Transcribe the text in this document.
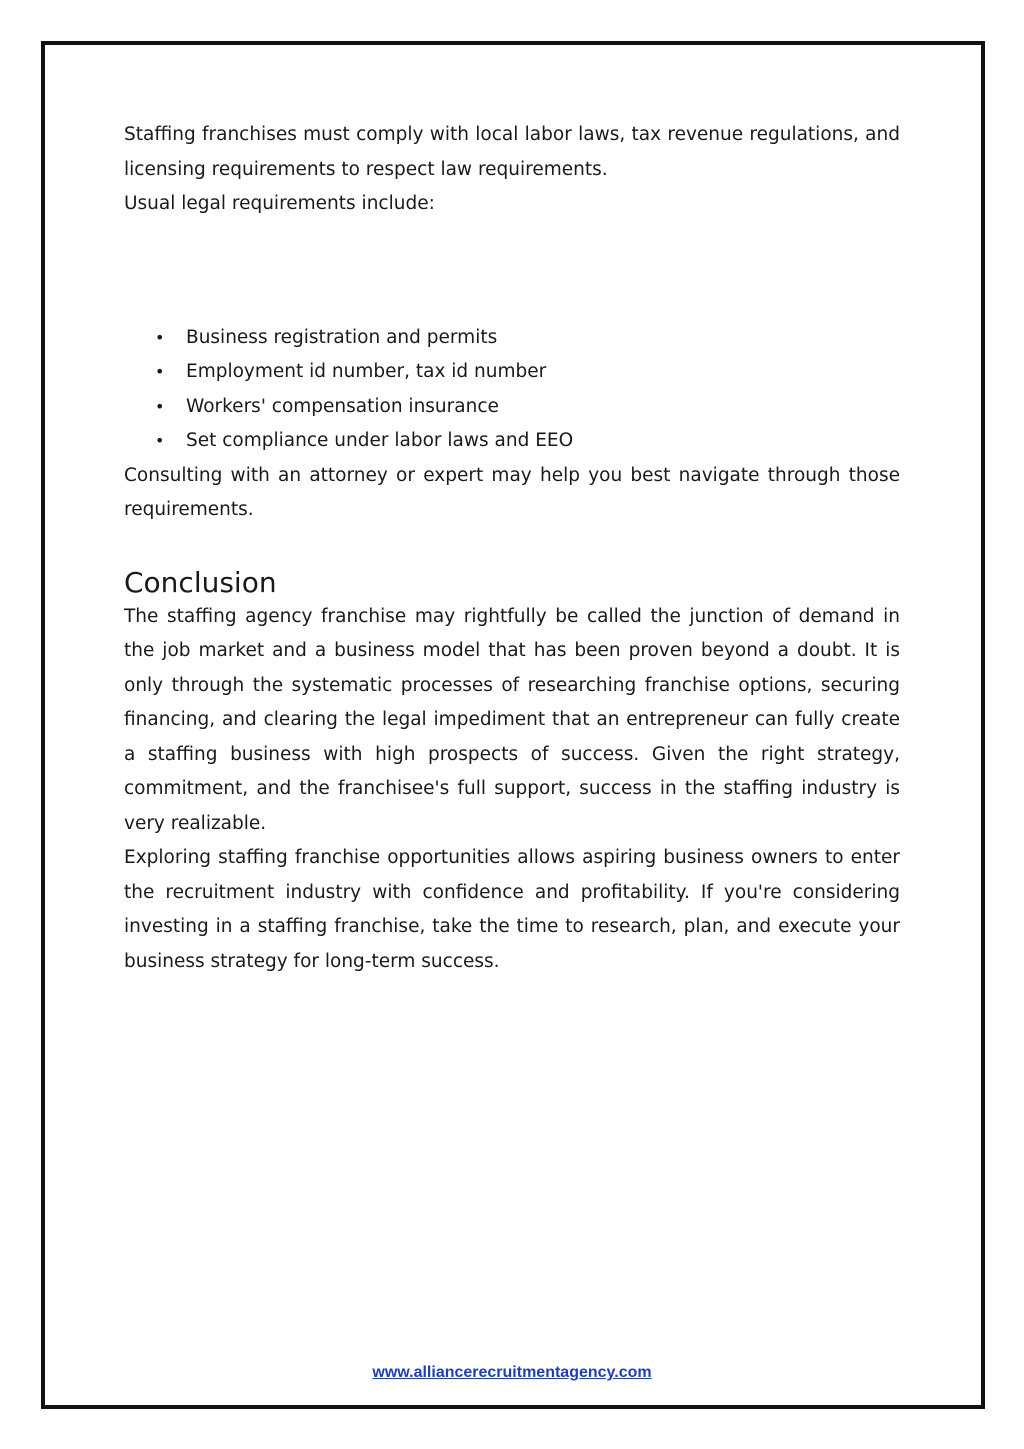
Staffing franchises must comply with local labor laws, tax revenue regulations, and licensing requirements to respect law requirements.

Usual legal requirements include:

• Business registration and permits
• Employment id number, tax id number
• Workers' compensation insurance
• Set compliance under labor laws and EEO

Consulting with an attorney or expert may help you best navigate through those requirements.

Conclusion

The staffing agency franchise may rightfully be called the junction of demand in the job market and a business model that has been proven beyond a doubt. It is only through the systematic processes of researching franchise options, securing financing, and clearing the legal impediment that an entrepreneur can fully create a staffing business with high prospects of success. Given the right strategy, commitment, and the franchisee's full support, success in the staffing industry is very realizable.

Exploring staffing franchise opportunities allows aspiring business owners to enter the recruitment industry with confidence and profitability. If you're considering investing in a staffing franchise, take the time to research, plan, and execute your business strategy for long-term success.

www.alliancerecruitmentagency.com
